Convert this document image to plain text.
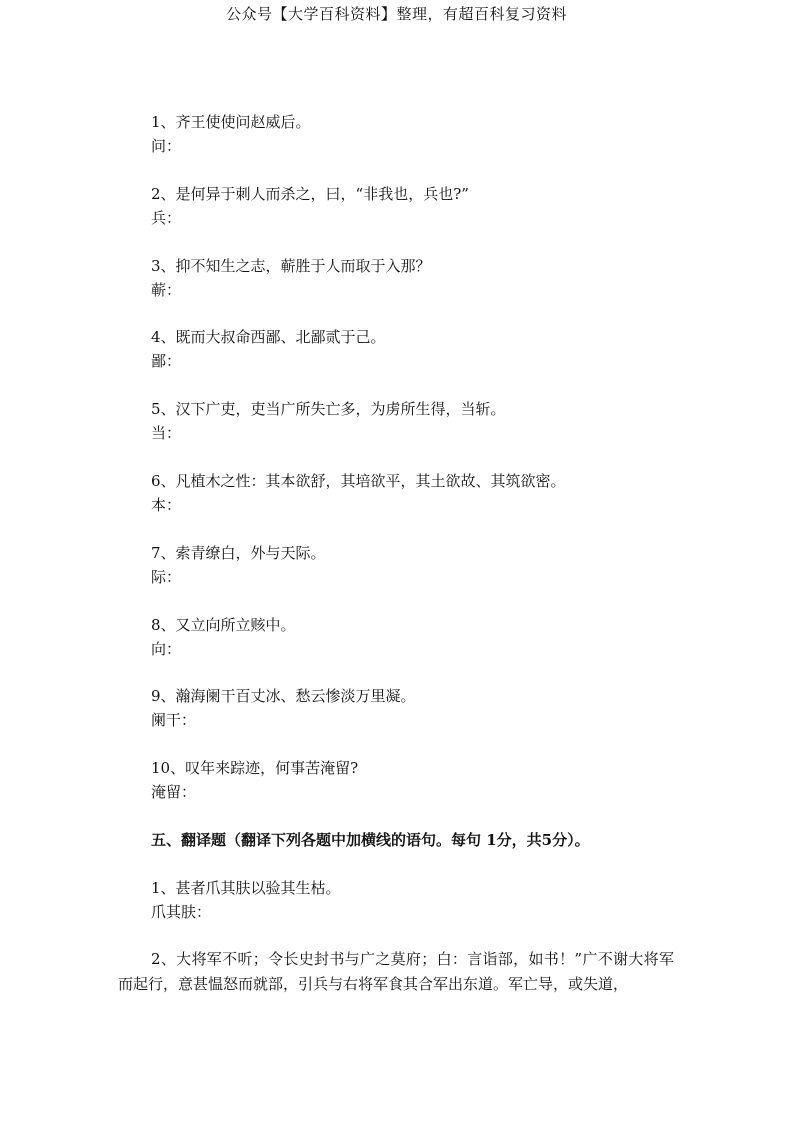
公众号【大学百科资料】整理，有超百科复习资料
1、齐王使使问赵威后。
问：
2、是何异于刺人而杀之，曰，“非我也，兵也?”
兵：
3、抑不知生之志，蕲胜于人而取于入那？
蕲：
4、既而大叔命西鄙、北鄙贰于己。
鄙：
5、汉下广吏，吏当广所失亡多，为虏所生得，当斩。
当：
6、凡植木之性：其本欲舒，其培欲平，其土欲故、其筑欲密。
本：
7、索青缭白，外与天际。
际：
8、又立向所立赅中。
向：
9、瀚海阑干百丈冰、愁云惨淡万里凝。
阑干：
10、叹年来踪迹，何事苦淹留?
淹留：
五、翻译题（翻译下列各题中加横线的语句。每句 1分，共5分）。
1、甚者爪其肤以验其生枯。
爪其肤：
2、大将军不听；令长史封书与广之莫府；白：言诣部，如书！”广不谢大将军而起行，意甚愠怒而就部，引兵与右将军食其合军出东道。军亡导，或失道，
